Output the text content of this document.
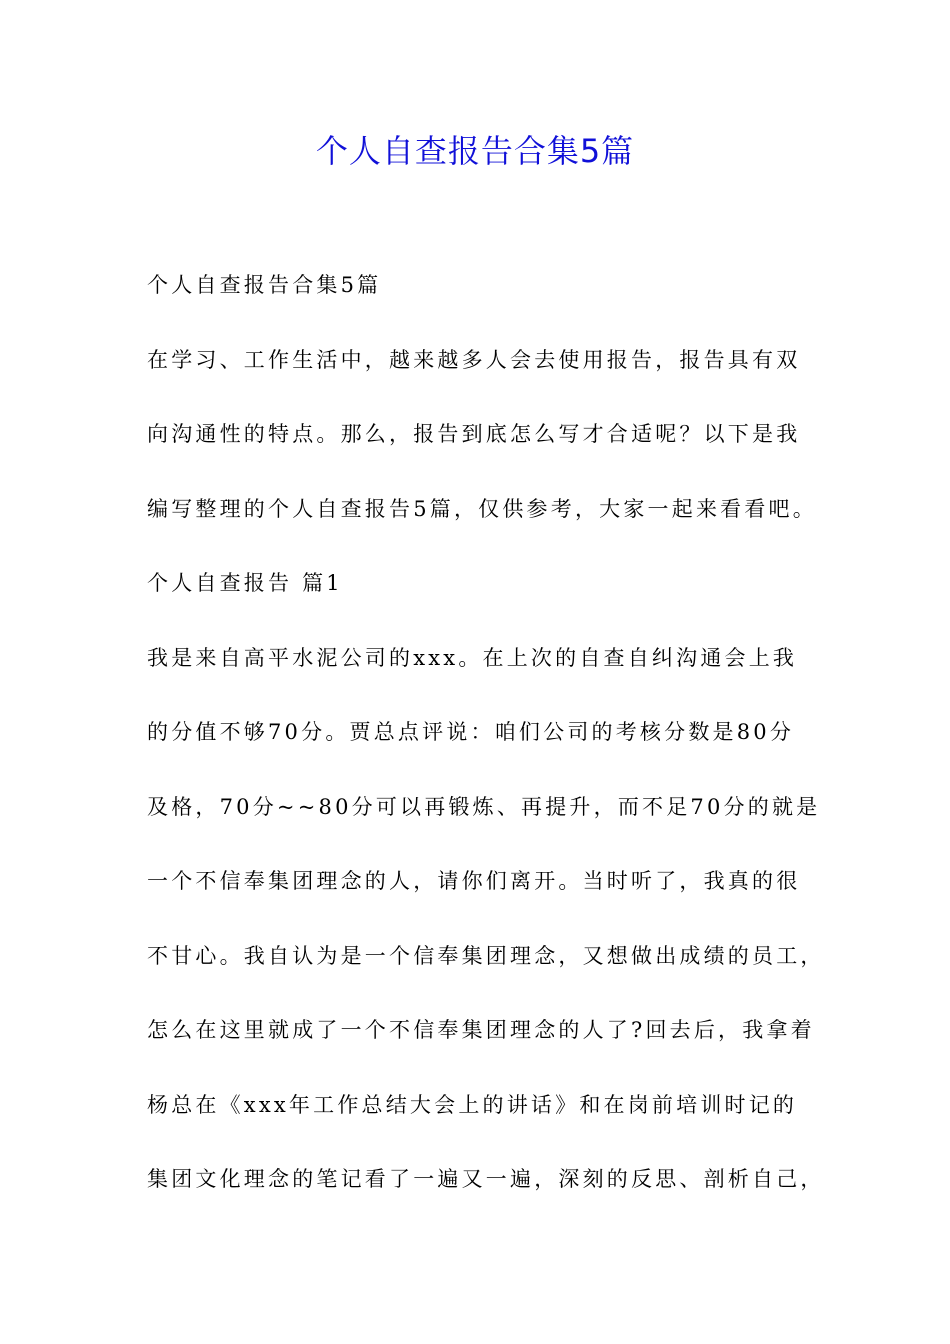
个人自查报告合集5篇
个人自查报告合集5篇
在学习、工作生活中，越来越多人会去使用报告，报告具有双
向沟通性的特点。那么，报告到底怎么写才合适呢？以下是我
编写整理的个人自查报告5篇，仅供参考，大家一起来看看吧。
个人自查报告 篇1
我是来自高平水泥公司的xxx。在上次的自查自纠沟通会上我
的分值不够70分。贾总点评说：咱们公司的考核分数是80分
及格，70分~~80分可以再锻炼、再提升，而不足70分的就是
一个不信奉集团理念的人，请你们离开。当时听了，我真的很
不甘心。我自认为是一个信奉集团理念，又想做出成绩的员工，
怎么在这里就成了一个不信奉集团理念的人了?回去后，我拿着
杨总在《xxx年工作总结大会上的讲话》和在岗前培训时记的
集团文化理念的笔记看了一遍又一遍，深刻的反思、剖析自己，
